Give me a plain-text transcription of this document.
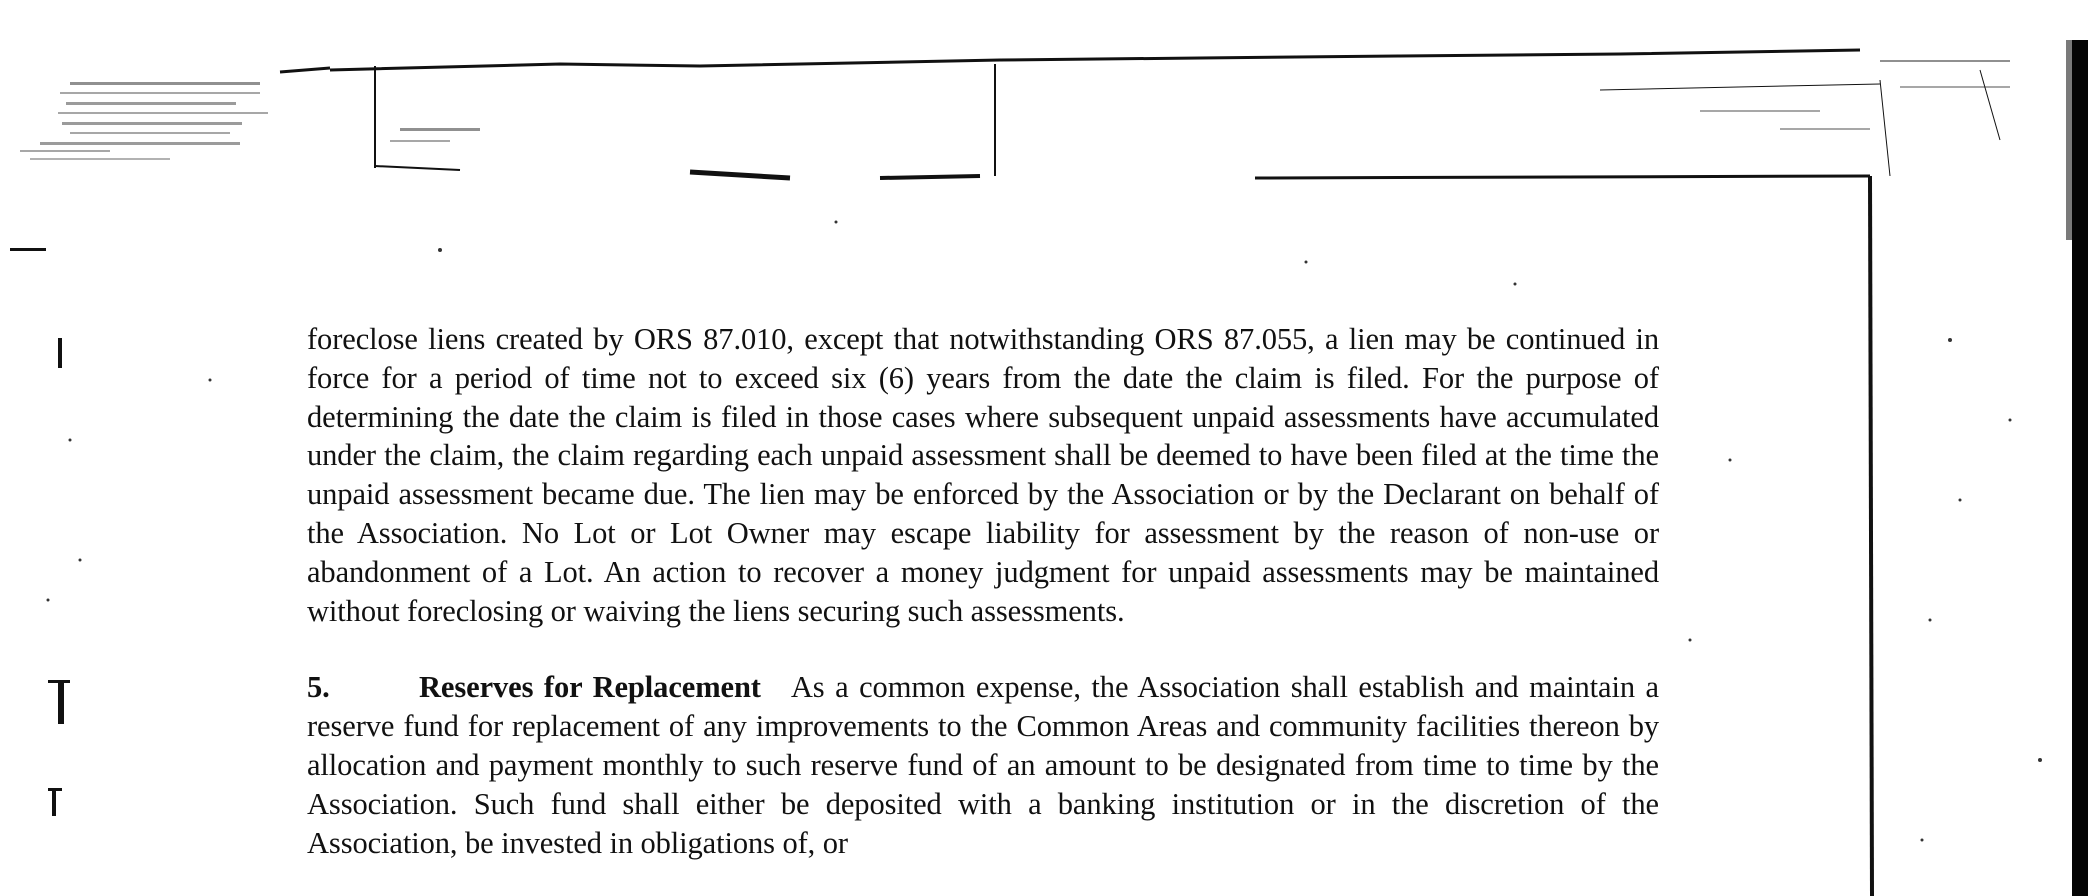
foreclose liens created by ORS 87.010, except that notwithstanding ORS 87.055, a lien may be continued in force for a period of time not to exceed six (6) years from the date the claim is filed. For the purpose of determining the date the claim is filed in those cases where subsequent unpaid assessments have accumulated under the claim, the claim regarding each unpaid assessment shall be deemed to have been filed at the time the unpaid assessment became due. The lien may be enforced by the Association or by the Declarant on behalf of the Association. No Lot or Lot Owner may escape liability for assessment by the reason of non-use or abandonment of a Lot. An action to recover a money judgment for unpaid assessments may be maintained without foreclosing or waiving the liens securing such assessments.

5.	Reserves for Replacement As a common expense, the Association shall establish and maintain a reserve fund for replacement of any improvements to the Common Areas and community facilities thereon by allocation and payment monthly to such reserve fund of an amount to be designated from time to time by the Association. Such fund shall either be deposited with a banking institution or in the discretion of the Association, be invested in obligations of, or
